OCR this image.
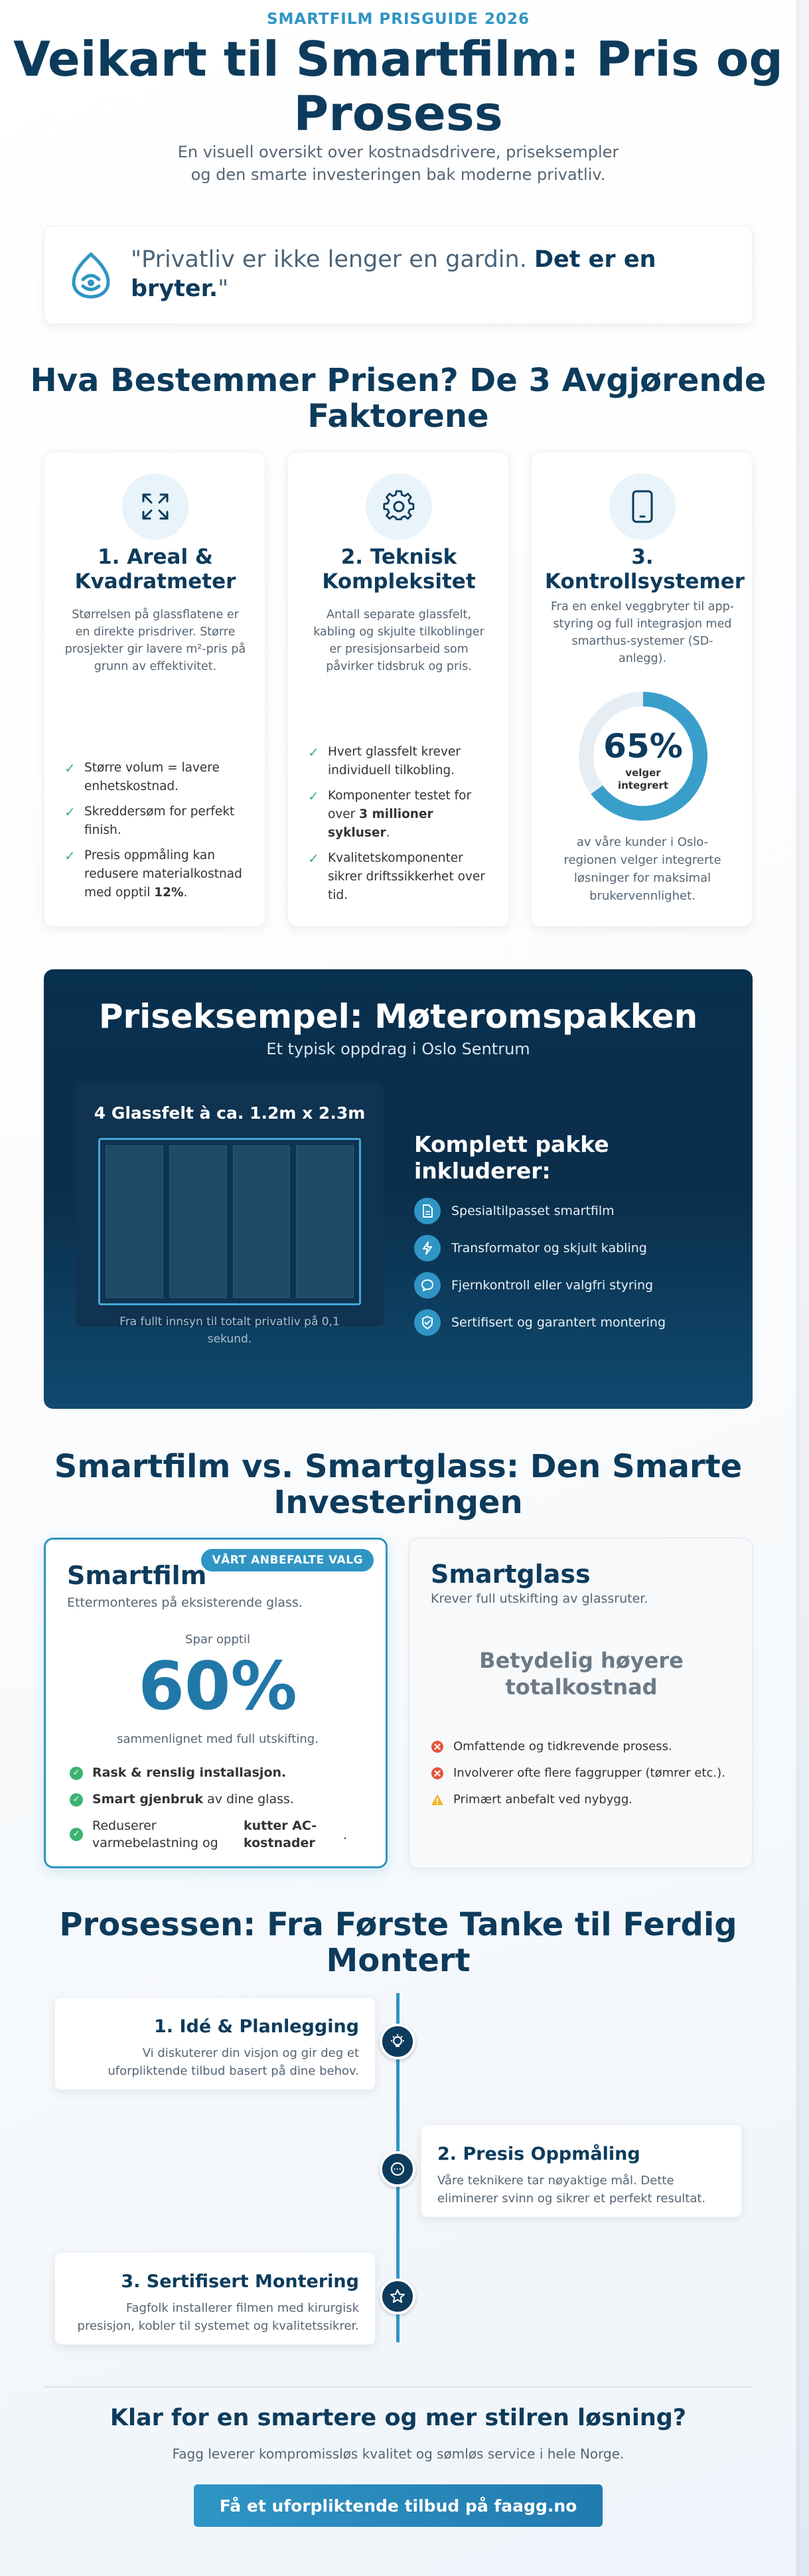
SMARTFILM PRISGUIDE 2026
Veikart til Smartfilm: Pris og Prosess
En visuell oversikt over kostnadsdrivere, priseksempler og den smarte investeringen bak moderne privatliv.
"Privatliv er ikke lenger en gardin. Det er en bryter."
Hva Bestemmer Prisen? De 3 Avgjørende Faktorene
1. Areal & Kvadratmeter
Størrelsen på glassflatene er en direkte prisdriver. Større prosjekter gir lavere m²-pris på grunn av effektivitet.
✓ Større volum = lavere enhetskostnad.
✓ Skreddersøm for perfekt finish.
✓ Presis oppmåling kan redusere materialkostnad med opptil 12%.
2. Teknisk Kompleksitet
Antall separate glassfelt, kabling og skjulte tilkoblinger er presisjonsarbeid som påvirker tidsbruk og pris.
✓ Hvert glassfelt krever individuell tilkobling.
✓ Komponenter testet for over 3 millioner sykluser.
✓ Kvalitetskomponenter sikrer driftssikkerhet over tid.
3. Kontrollsystemer
Fra en enkel veggbryter til app-styring og full integrasjon med smarthus-systemer (SD-anlegg).
65%
velger integrert
av våre kunder i Oslo-regionen velger integrerte løsninger for maksimal brukervennlighet.
Priseksempel: Møteromspakken
Et typisk oppdrag i Oslo Sentrum
4 Glassfelt à ca. 1.2m x 2.3m
Fra fullt innsyn til totalt privatliv på 0,1 sekund.
Komplett pakke inkluderer:
Spesialtilpasset smartfilm
Transformator og skjult kabling
Fjernkontroll eller valgfri styring
Sertifisert og garantert montering
Smartfilm vs. Smartglass: Den Smarte Investeringen
VÅRT ANBEFALTE VALG
Smartfilm
Ettermonteres på eksisterende glass.
Spar opptil
60%
sammenlignet med full utskifting.
✓ Rask & renslig installasjon.
✓ Smart gjenbruk av dine glass.
✓
Reduserer varmebelastning og
kutter AC-kostnader
.
Smartglass
Krever full utskifting av glassruter.
Betydelig høyere totalkostnad
Omfattende og tidkrevende prosess.
Involverer ofte flere faggrupper (tømrer etc.).
Primært anbefalt ved nybygg.
Prosessen: Fra Første Tanke til Ferdig Montert
1. Idé & Planlegging
Vi diskuterer din visjon og gir deg et uforpliktende tilbud basert på dine behov.
2. Presis Oppmåling
Våre teknikere tar nøyaktige mål. Dette eliminerer svinn og sikrer et perfekt resultat.
3. Sertifisert Montering
Fagfolk installerer filmen med kirurgisk presisjon, kobler til systemet og kvalitetssikrer.
Klar for en smartere og mer stilren løsning?
Fagg leverer kompromissløs kvalitet og sømløs service i hele Norge.
Få et uforpliktende tilbud på faagg.no
